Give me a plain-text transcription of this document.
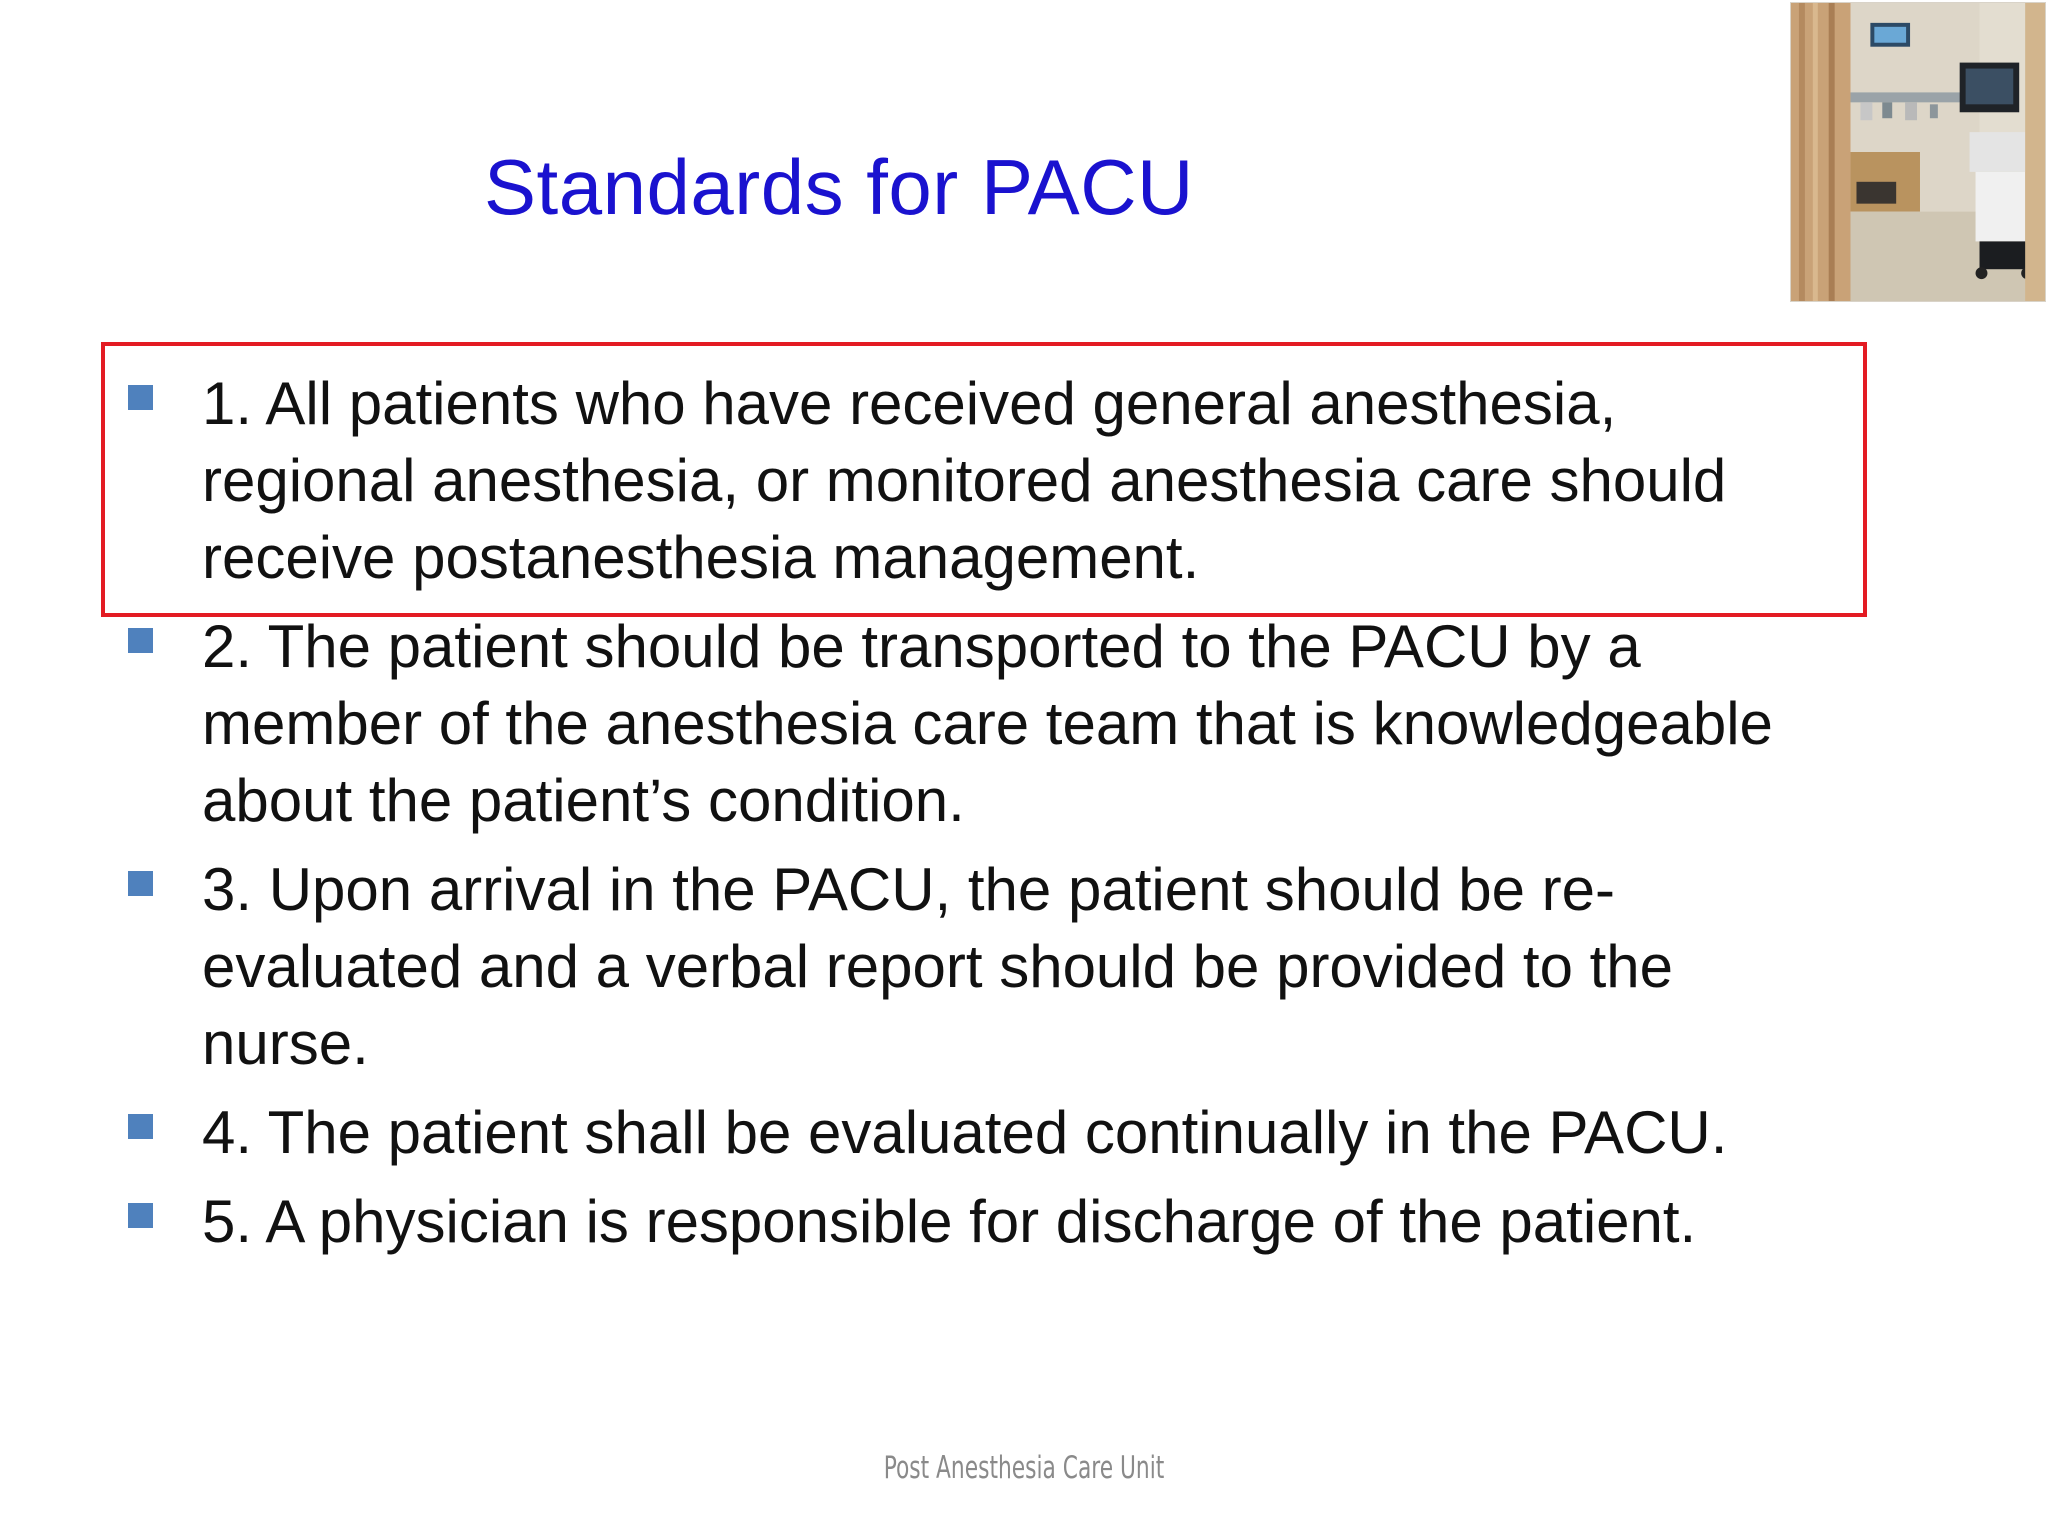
Standards for PACU
1. All patients who have received general anesthesia,
regional anesthesia, or monitored anesthesia care should
receive postanesthesia management.
2. The patient should be transported to the PACU by a
member of the anesthesia care team that is knowledgeable
about the patient’s condition.
3. Upon arrival in the PACU, the patient should be re-
evaluated and a verbal report should be provided to the
nurse.
4. The patient shall be evaluated continually in the PACU.
5. A physician is responsible for discharge of the patient.
Post Anesthesia Care Unit
